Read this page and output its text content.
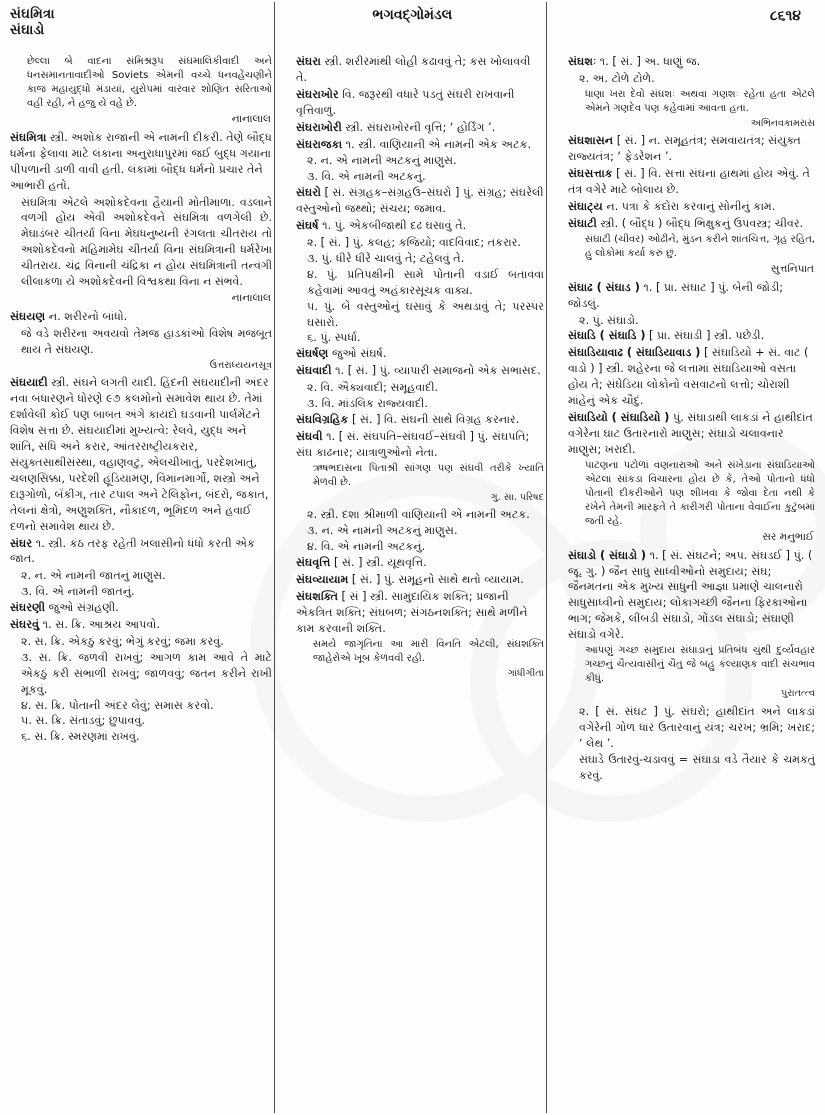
સંઘમિત્રા
સંઘાડો
ભગવદ્ગોમંડલ	૮૬૧૪

છેલ્લા બે વાદના સંમિશ્રરૂપ સંઘમાલિકીવાદી અને ધનસમાનતાવાદીઓ Soviets એમની વચ્ચે ધનવહેંચણીને કાજ મહાયુદ્ધો મંડાયાં, યુરોપમાં વારંવાર શોણિત સરિતાઓ વહી રહી, ને હજુ યે વહે છે.

નાનાલાલ

સંઘમિત્રા સ્ત્રી. અશોક રાજાની એ નામની દીકરી. તેણે બૌદ્ધ ધર્મના ફેલાવા માટે લંકાના અનુરાધાપુરમાં જઈ બુદ્ધ ગયાના પીપળાની ડાળી વાવી હતી. લંકામાં બૌદ્ધ ધર્મનો પ્રચાર તેને આભારી હતો.

સંઘમિત્રા એટલે અશોકદેવના હૈયાની મોતીમાળા. વડલાને વળગી હોય એવી અશોકદેવને સંઘમિત્રા વળગેલી છે. મેઘાડંબર ચીતર્યા વિના મેઘધનુષ્યની રંગલતા ચીતરાય તો અશોકદેવનો મહિમામેઘ ચીતર્યા વિના સંઘમિત્રાની ધર્મરેખા ચીતરાય. ચંદ્ર વિનાની ચંદ્રિકા ન હોય સંઘમિત્રાની તન્વંગી લીલાકળા યે અશોકદેવની વિશ્વકથા વિના ન સંભવે.

નાનાલાલ

સંઘયણ ન. શરીરનો બાંધો.

જે વડે શરીરના અવયવો તેમજ હાડકાંઓ વિશેષ મજબૂત થાય તે સંઘયણ.

ઉત્તરાધ્યયનસૂત્ર

સંઘયાદી સ્ત્રી. સંઘને લગતી યાદી. હિંદની સંઘયાદીની અંદર નવા બંધારણને ધોરણે ૯૭ કલમોનો સમાવેશ થાય છે. તેમાં દર્શાવેલી કોઈ પણ બાબત અંગે કાયદો ઘડવાની પાર્લમેંટને વિશેષ સત્તા છે. સંઘયાદીમાં મુખ્યત્વે: રેલવે, યુદ્ધ અને શાંતિ, સંધિ અને કરાર, આંતરરાષ્ટ્રીયકરાર, સંયુક્તસાથીસંસ્થા, વહાણવટું, એલચીખાતું, પરદેશખાતું, ચલણસિક્કા, પરદેશી હૂંડિયામણ, વિમાનમાર્ગો, શસ્ત્રો અને દારૂગોળો, બૅંકીંગ, તાર ટપાલ અને ટેલિફોન, બંદરો, જકાત, તેલનાં ક્ષેત્રો, અણુશક્તિ, નૌકાદળ, ભૂમિદળ અને હવાઈ દળનો સમાવેશ થાય છે.

સંઘર ૧. સ્ત્રી. કંઠ તરફ રહેતી ખલાસીનો ધંધો કરતી એક જાત.

૨. ન. એ નામની જાતનું માણુસ.

૩. વિ. એ નામની જાતનું.

સંઘરણી જુઓ સંગ્રહણી.

સંઘરવું ૧. સ. ક્રિ. આશ્રય આપવો.

૨. સ. ક્રિ. એકઠું કરવું; ભેગું કરવું; જમા કરવું.

૩. સ. ક્રિ. જળવી રાખવું; આગળ કામ આવે તે માટે એકઠું કરી સંભાળી રાખવું; જાળવવું; જતન કરીને રાખી મૂકવું.

૪. સ. ક્રિ. પોતાની અંદર લેવું; સમાસ કરવો.

૫. સ. ક્રિ. સંતાડવું; છુપાવવું.

૬. સ. ક્રિ. સ્મરણમાં રાખવું.

સંઘરા સ્ત્રી. શરીરમાંથી લોહી કઢાવવું તે; કસ ખોલાવવી તે.

સંઘરાખોર વિ. જરૂરથી વધારે પડતું સંઘરી રાખવાની વૃત્તિવાળું.

સંઘરાખોરી સ્ત્રી. સંઘરાખોરની વૃત્તિ; ‘ હોર્ડિંગ ’.

સંઘરાજકા ૧. સ્ત્રી. વાણિયાની એ નામની એક અટક.

૨. ન. એ નામની અટકનું માણુસ.

૩. વિ. એ નામની અટકનું.

સંઘરો [ સં. સંગ્રહક–સંગ્રહઉ–સંઘરો ] પું. સંગ્રહ; સંઘરેલી વસ્તુઓનો જથ્થો; સંચય; જમાવ.

સંઘર્ષ ૧. પું. એકબીજાથી દઢ ઘસાવું તે.

૨. [ સં. ] પું. કલહ; કજિયો; વાદવિવાદ; તકરાર.

૩. પું. ધીરે ધીરે ચાલવું તે; ટહેલવું તે.

૪. પું. પ્રતિપક્ષીની સામે પોતાની વડાઈ બતાવવા કહેવામાં આવતું અહંકારસૂચક વાક્ય.

૫. પું. બે વસ્તુઓનું ઘસાવું કે અથડાવું તે; પરસ્પર ઘસારો.

૬. પું. સ્પર્ધા.

સંઘર્ષણ જુઓ સંઘર્ષ.

સંઘવાદી ૧. [ સં. ] પું. વ્યાપારી સમાજનો એક સભાસદ.

૨. વિ. ઐક્યવાદી; સમૂહવાદી.

૩. વિ. માંડલિક રાજ્યવાદી.

સંઘવિગ્રહિક [ સં. ] વિ. સંઘની સાથે વિગ્રહ કરનાર.

સંઘવી ૧. [ સં. સંઘપતિ–સંઘવઈ–સંઘવી ] પું. સંઘપતિ; સંઘ કાઢનાર; યાત્રાળુઓનો નેતા.

ઋષભદાસના પિતાશ્રી સાંગણ પણ સંઘવી તરીકે ખ્યાતિ મેળવી છે.

ગુ. સા. પરિષદ

૨. સ્ત્રી. દશા શ્રીમાળી વાણિયાની એ નામની અટક.

૩. ન. એ નામની અટકનું માણુસ.

૪. વિ. એ નામની અટકનું.

સંઘવૃત્તિ [ સં. ] સ્ત્રી. યૂથવૃત્તિ.

સંઘવ્યાયામ [ સં. ] પું. સમૂહનો સાથે થતો વ્યાયામ.

સંઘશક્તિ [ સં ] સ્ત્રી. સામુદાયિક શક્તિ; પ્રજાની એકત્રિત શક્તિ; સંઘબળ; સંગઠનશક્તિ; સાથે મળીને કામ કરવાની શક્તિ.

સમયે જાગૃતિના આ મારી વિનતિ એટલી, સંઘશક્તિ જાહેરોએ ખૂબ કેળવવી રહી.

ગાંધીગીતા

સંઘશઃ ૧. [ સં. ] અ. ધાણું જ.

૨. અ. ટોળે ટોળે.

ધાણા ખરા દેવો સંઘશઃ અથવા ગણશઃ રહેતા હતા એટલે એમને ગણદેવ પણ કહેવામાં આવતા હતા.

અભિનવકામરાસ

સંઘશાસન [ સં. ] ન. સમૂહતંત્ર; સમવાયતંત્ર; સંયુક્ત રાજ્યતંત્ર; ‘ ફેડરેશન ’.

સંઘસત્તાક [ સં. ] વિ. સત્તા સંઘના હાથમાં હોય એવું. તે તંત્ર વગેરે માટે બોલાય છે.

સંઘાટ્ય ન. પત્રા કે કંદોરા કરવાનું સોનીનું કામ.

સંઘાટી સ્ત્રી. ( બૌદ્ધ ) બૌદ્ધ ભિક્ષુકનું ઉપવસ્ત્ર; ચીવર.

સંઘાટી (ચીવર) ઓઢીને, મુંડન કરીને શાંતચિત્ત, ગૃહ રહિત, હું લોકોમાં કર્યા કરું છું.

સુત્તનિપાત

સંઘાઢ ( સંઘાડ ) ૧. [ પ્રા. સંઘાટ ] પું. બેની જોડી; જોડલું.

૨. પું. સંઘાડો.

સંઘાડિ ( સંઘાડિ ) [ પ્રા. સંઘાડી ] સ્ત્રી. પછેડી.

સંઘાડિયાવાઢ ( સંઘાડિયાવાડ ) [ સંઘાડિયો + સં. વાટ ( વાડો ) ] સ્ત્રી. શહેરના જે લત્તામાં સંઘાડિયાઓ વસતા હોય તે; સંઘેડિયા લોકોનો વસવાટનો લત્તો; ચોરાશી માંહેનું એક ચૌદું.

સંઘાડિયો ( સંઘાડિયો ) પું. સંઘાડાથી લાકડાં ને હાથીદાંત વગેરેના ઘાટ ઉતારનારો માણુસ; સંઘાડો ચલાવનાર માણુસ; ખરાદી.

પાટણના પટોળાં વણનારાઓ અને સંખેડાના સંઘાડિયાઓ એટલા સાંકડા વિચારના હોય છે કે, તેઓ પોતાનો ધંધો પોતાની દીકરીઓને પણ શીખવા કે જોવા દેતા નથી કે રખેને તેમની મારફતે તે કારીગરી પોતાના વેવાઈના કુટુંબમાં જતી રહે.

સર મનુભાઈ

સંઘાડો ( સંઘાડો ) ૧. [ સં. સંઘટને; અપ. સંઘડઈ ] પું. ( જૂ. ગુ. ) જૈન સાધુ સાધ્વીઓનો સમુદાય; સંઘ; જૈનમતના એક મુખ્ય સાધુની આજ્ઞા પ્રમાણે ચાલનારો સાધુસાધ્વીનો સમુદાય; લોકાગચ્છી જૈનના ફિરકાઓના ભાગ; જેમકે, લીંબડી સંઘાડો, ગોંડલ સંઘાડો; સંઘાણી સંઘાડો વગેરે.

આપણું ગચ્છ સમુદાય સંઘાડાનું પ્રતિબંધ ચુંથી દુર્વ્યવહાર ગચ્છનું ચૈત્યવાસીનું ચૈતુ જે બહુ કલ્યાણક વાદી સંચભાવ કીધું.

પુરાતત્ત્વ

૨. [ સં. સંઘટ ] પું. સંઘરો; હાથીદાંત અને લાકડાં વગેરેની ગોળ ધાર ઉતારવાનું યંત્ર; ચરખ; ભ્રમિ; ખરાદ; ‘ લેથ ’.

સંઘાડે ઉતારવું-ચડાવવું = સંઘાડા વડે તૈયાર કે ચમકતું કરવું.
